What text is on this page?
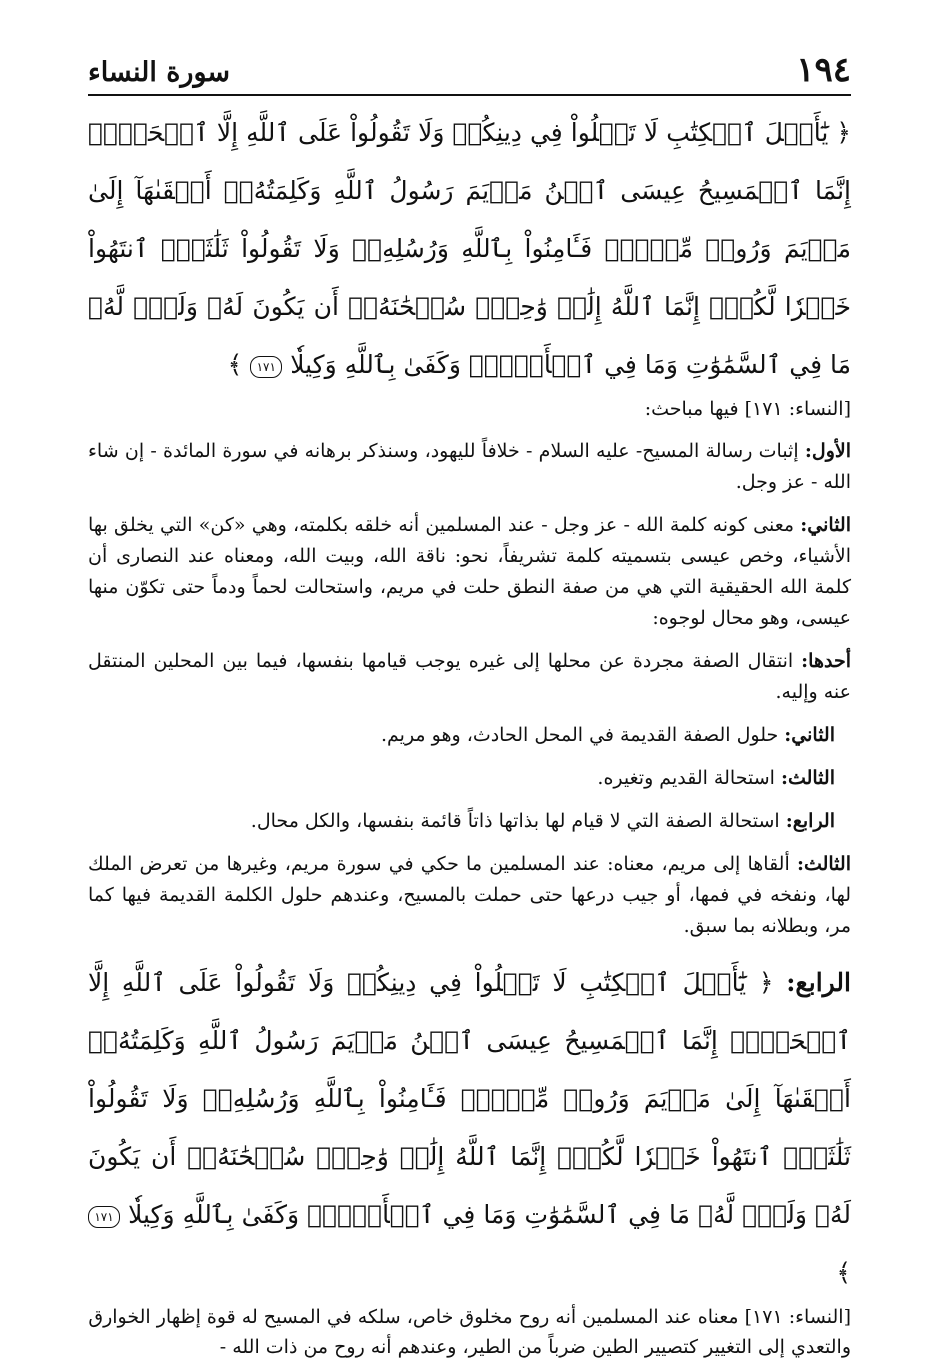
١٩٤
سورة النساء
﴿ يَٰٓأَهۡلَ ٱلۡكِتَٰبِ لَا تَغۡلُواْ فِي دِينِكُمۡ وَلَا تَقُولُواْ عَلَى ٱللَّهِ إِلَّا ٱلۡحَقَّۚ إِنَّمَا ٱلۡمَسِيحُ عِيسَى ٱبۡنُ مَرۡيَمَ رَسُولُ ٱللَّهِ وَكَلِمَتُهُۥٓ أَلۡقَىٰهَآ إِلَىٰ مَرۡيَمَ وَرُوحٞ مِّنۡهُۖ فَـَٔامِنُواْ بِٱللَّهِ وَرُسُلِهِۦۖ وَلَا تَقُولُواْ ثَلَٰثَةٌۚ ٱنتَهُواْ خَيۡرٗا لَّكُمۡۚ إِنَّمَا ٱللَّهُ إِلَٰهٞ وَٰحِدٞۖ سُبۡحَٰنَهُۥٓ أَن يَكُونَ لَهُۥ وَلَدٞۘ لَّهُۥ مَا فِي ٱلسَّمَٰوَٰتِ وَمَا فِي ٱلۡأَرۡضِۗ وَكَفَىٰ بِٱللَّهِ وَكِيلٗا ١٧١ ﴾
[النساء: ١٧١] فيها مباحث:
الأول: إثبات رسالة المسيح- عليه السلام - خلافاً لليهود، وسنذكر برهانه في سورة المائدة - إن شاء الله - عز وجل.
الثاني: معنى كونه كلمة الله - عز وجل - عند المسلمين أنه خلقه بكلمته، وهي «كن» التي يخلق بها الأشياء، وخص عيسى بتسميته كلمة تشريفاً، نحو: ناقة الله، وبيت الله، ومعناه عند النصارى أن كلمة الله الحقيقية التي هي من صفة النطق حلت في مريم، واستحالت لحماً ودماً حتى تكوّن منها عيسى، وهو محال لوجوه:
أحدها: انتقال الصفة مجردة عن محلها إلى غيره يوجب قيامها بنفسها، فيما بين المحلين المنتقل عنه وإليه.
الثاني: حلول الصفة القديمة في المحل الحادث، وهو مريم.
الثالث: استحالة القديم وتغيره.
الرابع: استحالة الصفة التي لا قيام لها بذاتها ذاتاً قائمة بنفسها، والكل محال.
الثالث: ألقاها إلى مريم، معناه: عند المسلمين ما حكي في سورة مريم، وغيرها من تعرض الملك لها، ونفخه في فمها، أو جيب درعها حتى حملت بالمسيح، وعندهم حلول الكلمة القديمة فيها كما مر، وبطلانه بما سبق.
الرابع: ﴿ يَٰٓأَهۡلَ ٱلۡكِتَٰبِ لَا تَغۡلُواْ فِي دِينِكُمۡ وَلَا تَقُولُواْ عَلَى ٱللَّهِ إِلَّا ٱلۡحَقَّۚ إِنَّمَا ٱلۡمَسِيحُ عِيسَى ٱبۡنُ مَرۡيَمَ رَسُولُ ٱللَّهِ وَكَلِمَتُهُۥٓ أَلۡقَىٰهَآ إِلَىٰ مَرۡيَمَ وَرُوحٞ مِّنۡهُۖ فَـَٔامِنُواْ بِٱللَّهِ وَرُسُلِهِۦۖ وَلَا تَقُولُواْ ثَلَٰثَةٌۚ ٱنتَهُواْ خَيۡرٗا لَّكُمۡۚ إِنَّمَا ٱللَّهُ إِلَٰهٞ وَٰحِدٞۖ سُبۡحَٰنَهُۥٓ أَن يَكُونَ لَهُۥ وَلَدٞۘ لَّهُۥ مَا فِي ٱلسَّمَٰوَٰتِ وَمَا فِي ٱلۡأَرۡضِۗ وَكَفَىٰ بِٱللَّهِ وَكِيلٗا ١٧١ ﴾
[النساء: ١٧١] معناه عند المسلمين أنه روح مخلوق خاص، سلكه في المسيح له قوة إظهار الخوارق والتعدي إلى التغيير كتصيير الطين ضرباً من الطير، وعندهم أنه روح من ذات الله -
